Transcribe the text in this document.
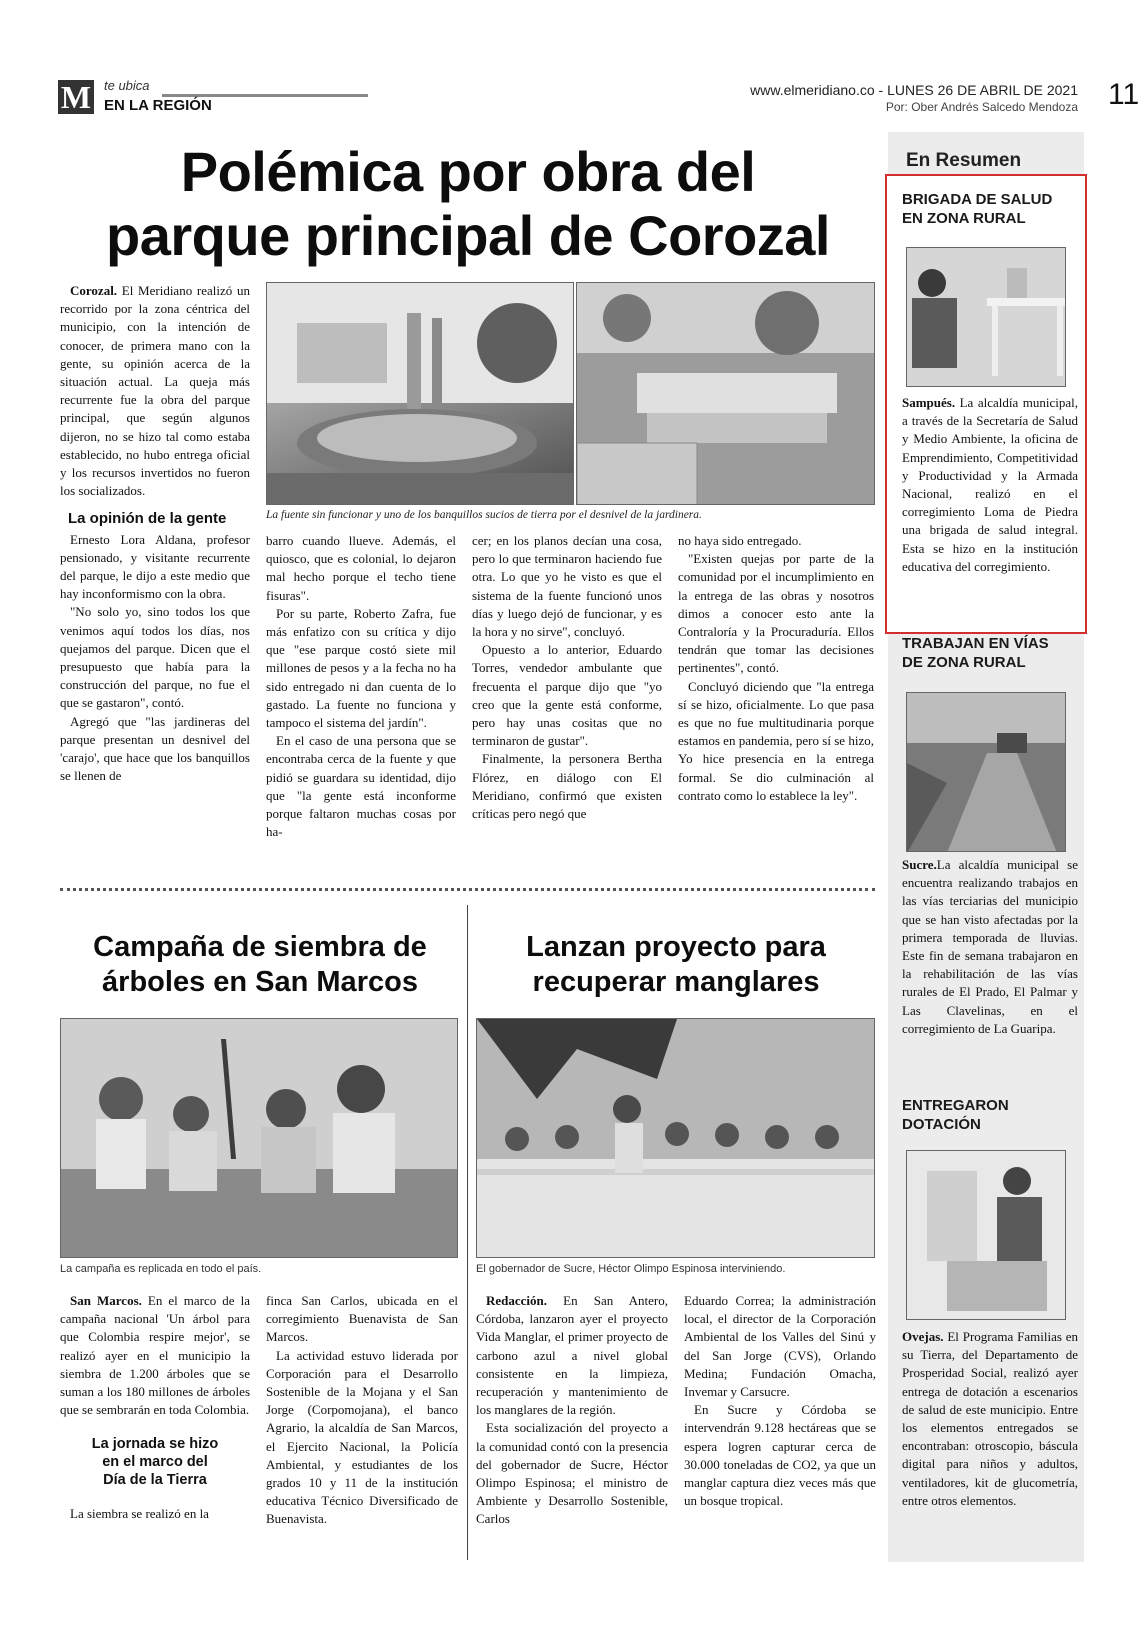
M te ubica
EN LA REGIÓN
www.elmeridiano.co - LUNES 26 DE ABRIL DE 2021
Por: Ober Andrés Salcedo Mendoza 11
Polémica por obra del
parque principal de Corozal

Corozal. El Meridiano realizó un recorrido por la zona céntrica del municipio, con la intención de conocer, de primera mano con la gente, su opinión acerca de la situación actual. La queja más recurrente fue la obra del parque principal, que según algunos dijeron, no se hizo tal como estaba establecido, no hubo entrega oficial y los recursos invertidos no fueron los socializados.

La opinión de la gente

Ernesto Lora Aldana, profesor pensionado, y visitante recurrente del parque, le dijo a este medio que hay inconformismo con la obra.

"No solo yo, sino todos los que venimos aquí todos los días, nos quejamos del parque. Dicen que el presupuesto que había para la construcción del parque, no fue el que se gastaron", contó.

Agregó que "las jardineras del parque presentan un desnivel del 'carajo', que hace que los banquillos se llenen de

La fuente sin funcionar y uno de los banquillos sucios de tierra por el desnivel de la jardinera.

barro cuando llueve. Además, el quiosco, que es colonial, lo dejaron mal hecho porque el techo tiene fisuras".

Por su parte, Roberto Zafra, fue más enfatizo con su crítica y dijo que "ese parque costó siete mil millones de pesos y a la fecha no ha sido entregado ni dan cuenta de lo gastado. La fuente no funciona y tampoco el sistema del jardín".

En el caso de una persona que se encontraba cerca de la fuente y que pidió se guardara su identidad, dijo que "la gente está inconforme porque faltaron muchas cosas por ha-

cer; en los planos decían una cosa, pero lo que terminaron haciendo fue otra. Lo que yo he visto es que el sistema de la fuente funcionó unos días y luego dejó de funcionar, y es la hora y no sirve", concluyó.

Opuesto a lo anterior, Eduardo Torres, vendedor ambulante que frecuenta el parque dijo que "yo creo que la gente está conforme, pero hay unas cositas que no terminaron de gustar".

Finalmente, la personera Bertha Flórez, en diálogo con El Meridiano, confirmó que existen críticas pero negó que

no haya sido entregado.

"Existen quejas por parte de la comunidad por el incumplimiento en la entrega de las obras y nosotros dimos a conocer esto ante la Contraloría y la Procuraduría. Ellos tendrán que tomar las decisiones pertinentes", contó.

Concluyó diciendo que "la entrega sí se hizo, oficialmente. Lo que pasa es que no fue multitudinaria porque estamos en pandemia, pero sí se hizo, Yo hice presencia en la entrega formal. Se dio culminación al contrato como lo establece la ley".

Campaña de siembra de
árboles en San Marcos
La campaña es replicada en todo el país.

San Marcos. En el marco de la campaña nacional 'Un árbol para que Colombia respire mejor', se realizó ayer en el municipio la siembra de 1.200 árboles que se suman a los 180 millones de árboles que se sembrarán en toda Colombia.

La jornada se hizo
en el marco del
Día de la Tierra

La siembra se realizó en la

finca San Carlos, ubicada en el corregimiento Buenavista de San Marcos.

La actividad estuvo liderada por Corporación para el Desarrollo Sostenible de la Mojana y el San Jorge (Corpomojana), el banco Agrario, la alcaldía de San Marcos, el Ejercito Nacional, la Policía Ambiental, y estudiantes de los grados 10 y 11 de la institución educativa Técnico Diversificado de Buenavista.

Lanzan proyecto para
recuperar manglares
El gobernador de Sucre, Héctor Olimpo Espinosa interviniendo.

Redacción. En San Antero, Córdoba, lanzaron ayer el proyecto Vida Manglar, el primer proyecto de carbono azul a nivel global consistente en la limpieza, recuperación y mantenimiento de los manglares de la región.

Esta socialización del proyecto a la comunidad contó con la presencia del gobernador de Sucre, Héctor Olimpo Espinosa; el ministro de Ambiente y Desarrollo Sostenible, Carlos

Eduardo Correa; la administración local, el director de la Corporación Ambiental de los Valles del Sinú y del San Jorge (CVS), Orlando Medina; Fundación Omacha, Invemar y Carsucre.

En Sucre y Córdoba se intervendrán 9.128 hectáreas que se espera logren capturar cerca de 30.000 toneladas de CO2, ya que un manglar captura diez veces más que un bosque tropical.

En Resumen
BRIGADA DE SALUD
EN ZONA RURAL

Sampués. La alcaldía municipal, a través de la Secretaría de Salud y Medio Ambiente, la oficina de Emprendimiento, Competitividad y Productividad y la Armada Nacional, realizó en el corregimiento Loma de Piedra una brigada de salud integral. Esta se hizo en la institución educativa del corregimiento.

TRABAJAN EN VÍAS
DE ZONA RURAL

Sucre.La alcaldía municipal se encuentra realizando trabajos en las vías terciarias del municipio que se han visto afectadas por la primera temporada de lluvias. Este fin de semana trabajaron en la rehabilitación de las vías rurales de El Prado, El Palmar y Las Clavelinas, en el corregimiento de La Guaripa.

ENTREGARON
DOTACIÓN

Ovejas. El Programa Familias en su Tierra, del Departamento de Prosperidad Social, realizó ayer entrega de dotación a escenarios de salud de este municipio. Entre los elementos entregados se encontraban: otroscopio, báscula digital para niños y adultos, ventiladores, kit de glucometría, entre otros elementos.
